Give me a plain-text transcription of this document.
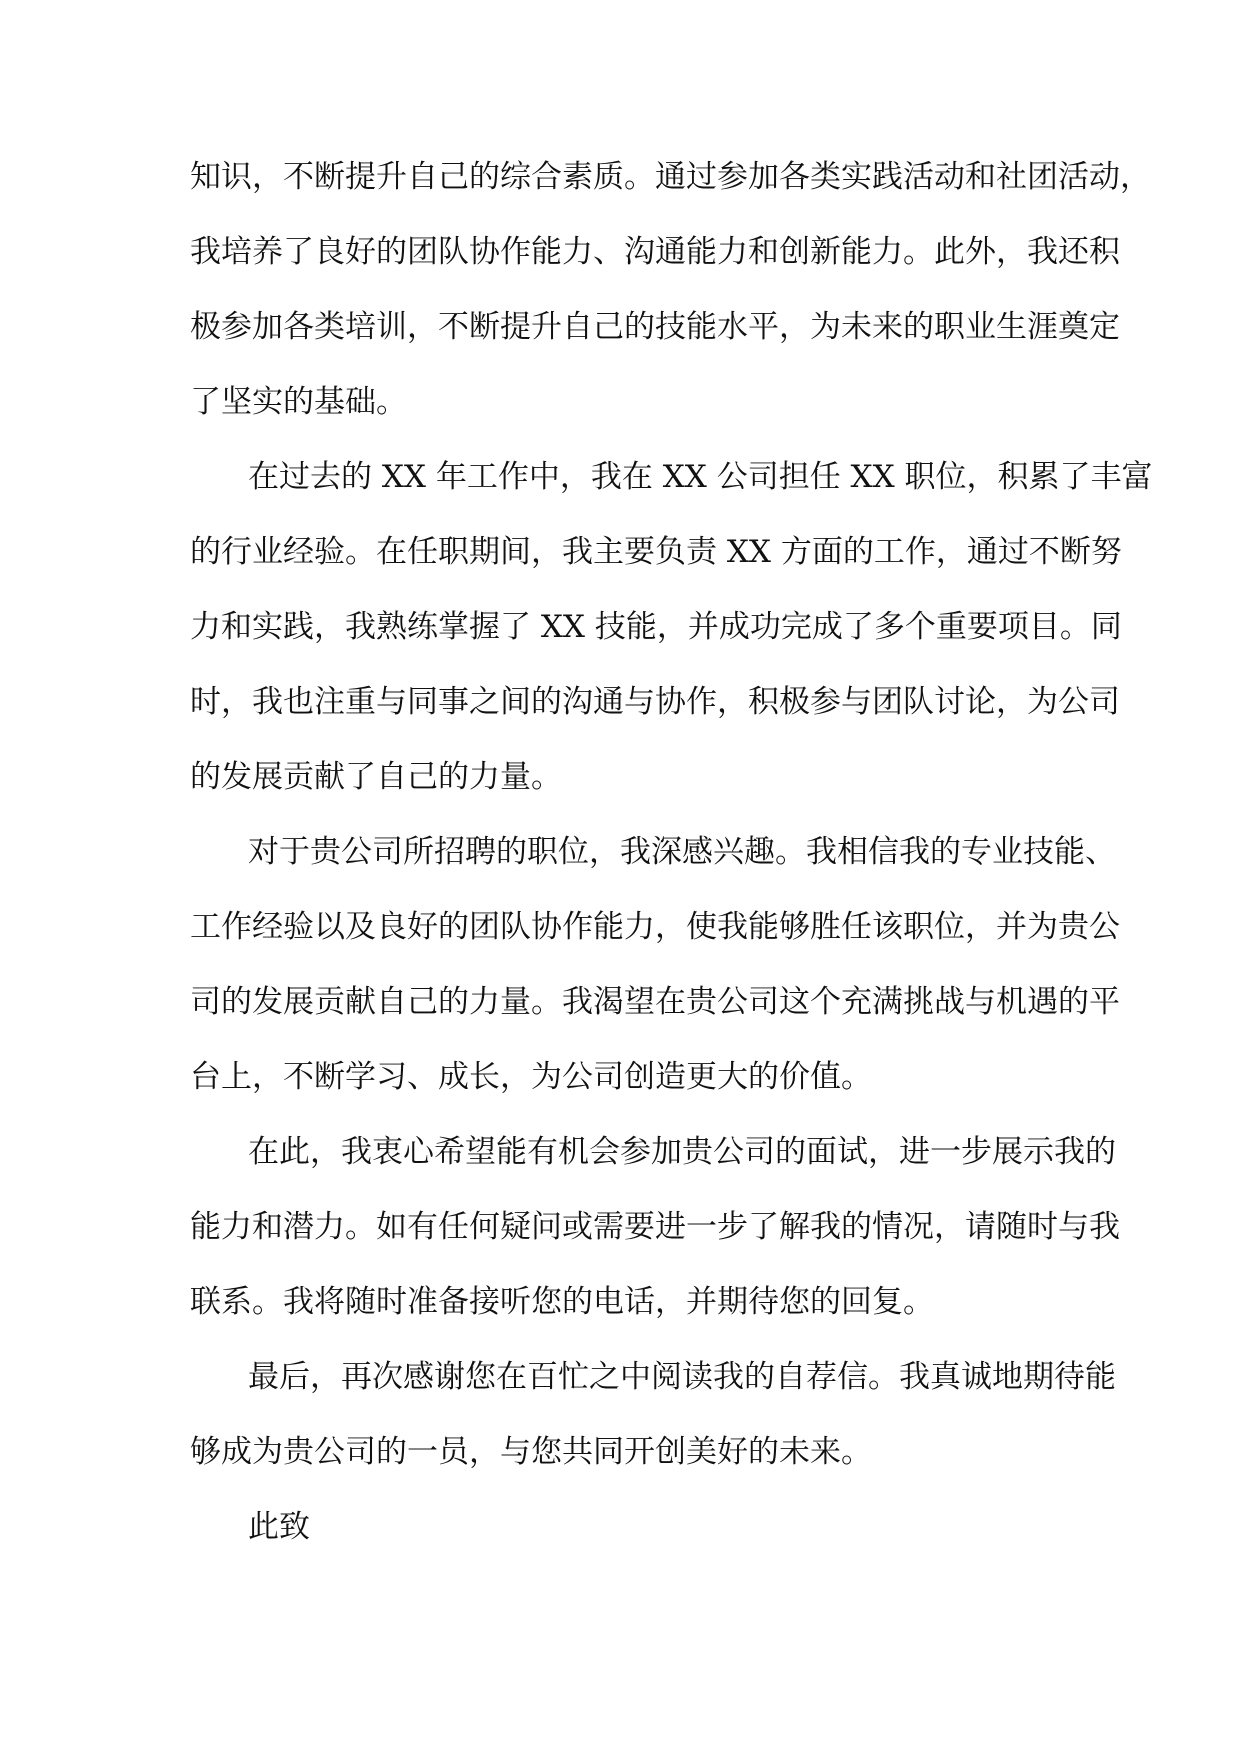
知识，不断提升自己的综合素质。通过参加各类实践活动和社团活动，
我培养了良好的团队协作能力、沟通能力和创新能力。此外，我还积
极参加各类培训，不断提升自己的技能水平，为未来的职业生涯奠定
了坚实的基础。
在过去的 XX 年工作中，我在 XX 公司担任 XX 职位，积累了丰富
的行业经验。在任职期间，我主要负责 XX 方面的工作，通过不断努
力和实践，我熟练掌握了 XX 技能，并成功完成了多个重要项目。同
时，我也注重与同事之间的沟通与协作，积极参与团队讨论，为公司
的发展贡献了自己的力量。
对于贵公司所招聘的职位，我深感兴趣。我相信我的专业技能、
工作经验以及良好的团队协作能力，使我能够胜任该职位，并为贵公
司的发展贡献自己的力量。我渴望在贵公司这个充满挑战与机遇的平
台上，不断学习、成长，为公司创造更大的价值。
在此，我衷心希望能有机会参加贵公司的面试，进一步展示我的
能力和潜力。如有任何疑问或需要进一步了解我的情况，请随时与我
联系。我将随时准备接听您的电话，并期待您的回复。
最后，再次感谢您在百忙之中阅读我的自荐信。我真诚地期待能
够成为贵公司的一员，与您共同开创美好的未来。
此致
